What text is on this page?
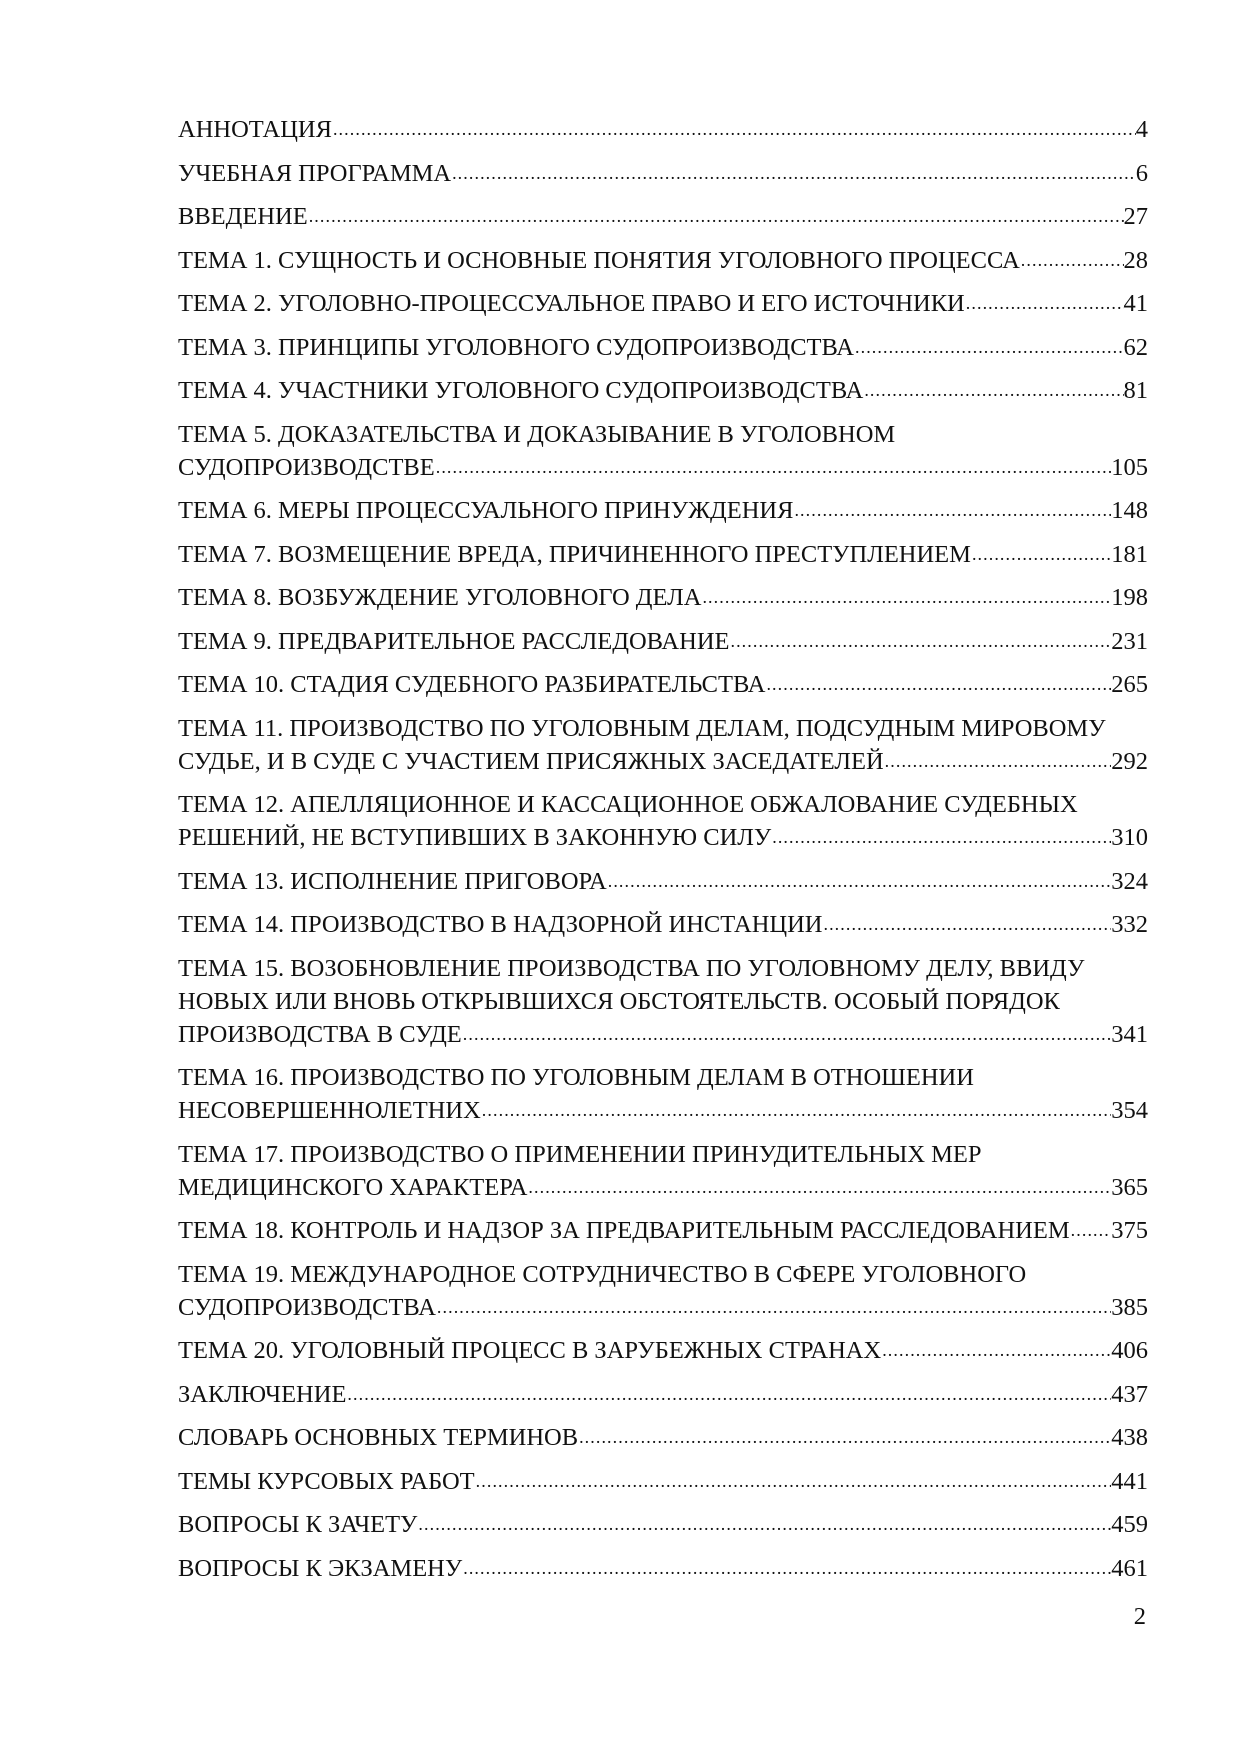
АННОТАЦИЯ .....	4
УЧЕБНАЯ ПРОГРАММА .....	6
ВВЕДЕНИЕ .....	27
ТЕМА 1. СУЩНОСТЬ И ОСНОВНЫЕ ПОНЯТИЯ УГОЛОВНОГО ПРОЦЕССА .....	28
ТЕМА 2. УГОЛОВНО-ПРОЦЕССУАЛЬНОЕ ПРАВО И ЕГО ИСТОЧНИКИ .....	41
ТЕМА 3. ПРИНЦИПЫ УГОЛОВНОГО СУДОПРОИЗВОДСТВА .....	62
ТЕМА 4. УЧАСТНИКИ УГОЛОВНОГО СУДОПРОИЗВОДСТВА .....	81
ТЕМА 5. ДОКАЗАТЕЛЬСТВА И ДОКАЗЫВАНИЕ В УГОЛОВНОМ
СУДОПРОИЗВОДСТВЕ .....	105
ТЕМА 6. МЕРЫ ПРОЦЕССУАЛЬНОГО ПРИНУЖДЕНИЯ .....	148
ТЕМА 7. ВОЗМЕЩЕНИЕ ВРЕДА, ПРИЧИНЕННОГО ПРЕСТУПЛЕНИЕМ .....	181
ТЕМА 8. ВОЗБУЖДЕНИЕ УГОЛОВНОГО ДЕЛА .....	198
ТЕМА 9. ПРЕДВАРИТЕЛЬНОЕ РАССЛЕДОВАНИЕ .....	231
ТЕМА 10. СТАДИЯ СУДЕБНОГО РАЗБИРАТЕЛЬСТВА .....	265
ТЕМА 11. ПРОИЗВОДСТВО ПО УГОЛОВНЫМ ДЕЛАМ, ПОДСУДНЫМ МИРОВОМУ
СУДЬЕ, И В СУДЕ С УЧАСТИЕМ ПРИСЯЖНЫХ ЗАСЕДАТЕЛЕЙ .....	292
ТЕМА 12. АПЕЛЛЯЦИОННОЕ И КАССАЦИОННОЕ ОБЖАЛОВАНИЕ СУДЕБНЫХ
РЕШЕНИЙ, НЕ ВСТУПИВШИХ В ЗАКОННУЮ СИЛУ .....	310
ТЕМА 13. ИСПОЛНЕНИЕ ПРИГОВОРА .....	324
ТЕМА 14. ПРОИЗВОДСТВО В НАДЗОРНОЙ ИНСТАНЦИИ .....	332
ТЕМА 15. ВОЗОБНОВЛЕНИЕ ПРОИЗВОДСТВА ПО УГОЛОВНОМУ ДЕЛУ, ВВИДУ
НОВЫХ ИЛИ ВНОВЬ ОТКРЫВШИХСЯ ОБСТОЯТЕЛЬСТВ. ОСОБЫЙ ПОРЯДОК
ПРОИЗВОДСТВА В СУДЕ .....	341
ТЕМА 16. ПРОИЗВОДСТВО ПО УГОЛОВНЫМ ДЕЛАМ В ОТНОШЕНИИ
НЕСОВЕРШЕННОЛЕТНИХ .....	354
ТЕМА 17. ПРОИЗВОДСТВО О ПРИМЕНЕНИИ ПРИНУДИТЕЛЬНЫХ МЕР
МЕДИЦИНСКОГО ХАРАКТЕРА .....	365
ТЕМА 18. КОНТРОЛЬ И НАДЗОР ЗА ПРЕДВАРИТЕЛЬНЫМ РАССЛЕДОВАНИЕМ ..... 375
ТЕМА 19. МЕЖДУНАРОДНОЕ СОТРУДНИЧЕСТВО В СФЕРЕ УГОЛОВНОГО
СУДОПРОИЗВОДСТВА .....	385
ТЕМА 20. УГОЛОВНЫЙ ПРОЦЕСС В ЗАРУБЕЖНЫХ СТРАНАХ .....	406
ЗАКЛЮЧЕНИЕ .....	437
СЛОВАРЬ ОСНОВНЫХ ТЕРМИНОВ .....	438
ТЕМЫ КУРСОВЫХ РАБОТ .....	441
ВОПРОСЫ К ЗАЧЕТУ .....	459
ВОПРОСЫ К ЭКЗАМЕНУ .....	461
2
